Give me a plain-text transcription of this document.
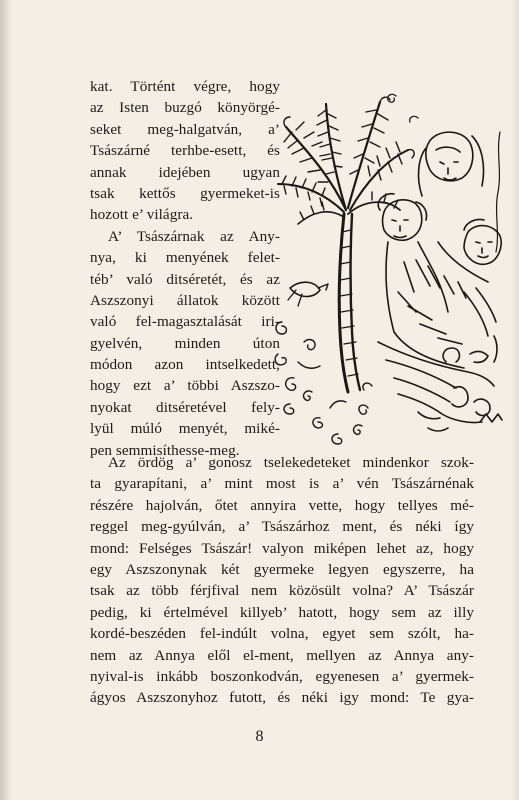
kat. Történt végre, hogy
az Isten buzgó könyörgé-
seket meg-halgatván, a’
Tsászárné terhbe-esett, és
annak idejében ugyan
tsak kettős gyermeket-is
hozott e’ világra.
A’ Tsászárnak az Any-
nya, ki menyének felet-
téb’ való ditséretét, és az
Aszszonyi állatok között
való fel-magasztalását iri-
gyelvén, minden úton
módon azon intselkedett,
hogy ezt a’ többi Aszszo-
nyokat ditséretével fely-
lyül múló menyét, miké-
pen semmisíthesse-meg.
Az ördög a’ gonosz tselekedeteket mindenkor szok-
ta gyarapítani, a’ mint most is a’ vén Tsászárnénak
részére hajolván, őtet annyira vette, hogy tellyes mé-
reggel meg-gyúlván, a’ Tsászárhoz ment, és néki így
mond: Felséges Tsászár! valyon miképen lehet az, hogy
egy Aszszonynak két gyermeke legyen egyszerre, ha
tsak az több férjfival nem közösült volna? A’ Tsászár
pedig, ki értelmével killyeb’ hatott, hogy sem az illy
kordé-beszéden fel-indúlt volna, egyet sem szólt, ha-
nem az Annya elől el-ment, mellyen az Annya any-
nyival-is inkább boszonkodván, egyenesen a’ gyermek-
ágyos Aszszonyhoz futott, és néki igy mond: Te gya-
8
